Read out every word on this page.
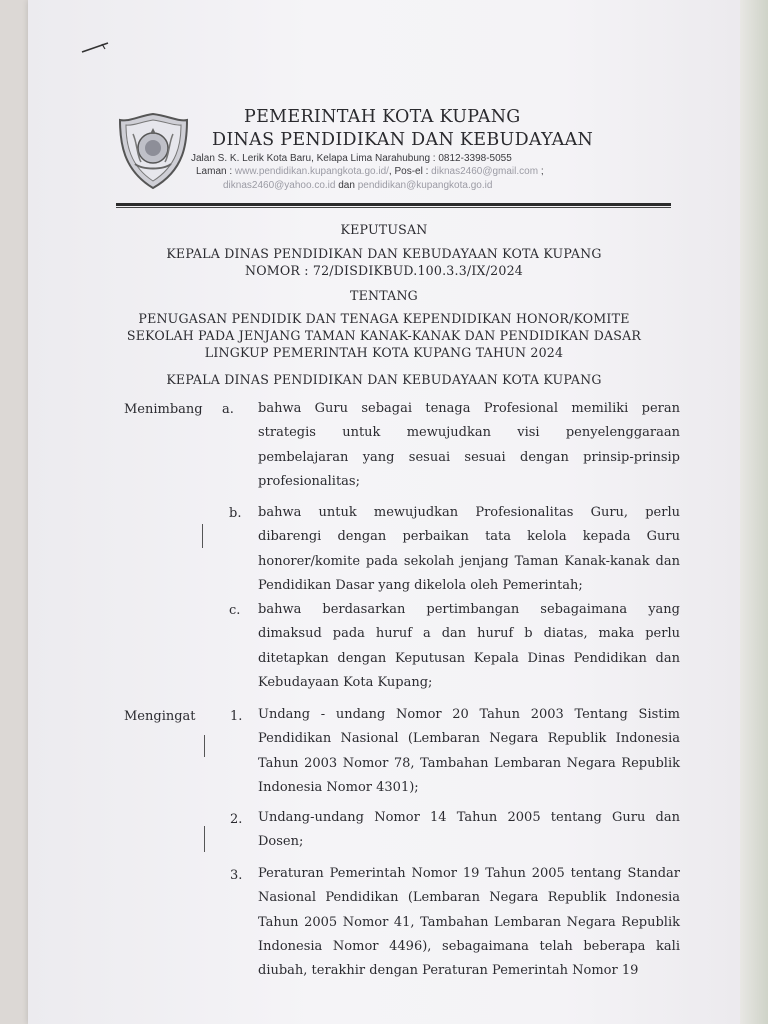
PEMERINTAH KOTA KUPANG
DINAS PENDIDIKAN DAN KEBUDAYAAN
Jalan S. K. Lerik Kota Baru, Kelapa Lima Narahubung : 0812-3398-5055
Laman : www.pendidikan.kupangkota.go.id/, Pos-el : diknas2460@gmail.com ;
diknas2460@yahoo.co.id dan pendidikan@kupangkota.go.id
KEPUTUSAN
KEPALA DINAS PENDIDIKAN DAN KEBUDAYAAN KOTA KUPANG
NOMOR : 72/DISDIKBUD.100.3.3/IX/2024
TENTANG
PENUGASAN PENDIDIK DAN TENAGA KEPENDIDIKAN HONOR/KOMITE
SEKOLAH PADA JENJANG TAMAN KANAK-KANAK DAN PENDIDIKAN DASAR
LINGKUP PEMERINTAH KOTA KUPANG TAHUN 2024
KEPALA DINAS PENDIDIKAN DAN KEBUDAYAAN KOTA KUPANG
Menimbang a. bahwa Guru sebagai tenaga Profesional memiliki peran strategis untuk mewujudkan visi penyelenggaraan pembelajaran yang sesuai sesuai dengan prinsip-prinsip profesionalitas;
b. bahwa untuk mewujudkan Profesionalitas Guru, perlu dibarengi dengan perbaikan tata kelola kepada Guru honorer/komite pada sekolah jenjang Taman Kanak-kanak dan Pendidikan Dasar yang dikelola oleh Pemerintah;
c. bahwa berdasarkan pertimbangan sebagaimana yang dimaksud pada huruf a dan huruf b diatas, maka perlu ditetapkan dengan Keputusan Kepala Dinas Pendidikan dan Kebudayaan Kota Kupang;
Mengingat	1. Undang - undang Nomor 20 Tahun 2003 Tentang Sistim Pendidikan Nasional (Lembaran Negara Republik Indonesia Tahun 2003 Nomor 78, Tambahan Lembaran Negara Republik Indonesia Nomor 4301);
2. Undang-undang Nomor 14 Tahun 2005 tentang Guru dan Dosen;
3. Peraturan Pemerintah Nomor 19 Tahun 2005 tentang Standar Nasional Pendidikan (Lembaran Negara Republik Indonesia Tahun 2005 Nomor 41, Tambahan Lembaran Negara Republik Indonesia Nomor 4496), sebagaimana telah beberapa kali diubah, terakhir dengan Peraturan Pemerintah Nomor 19
